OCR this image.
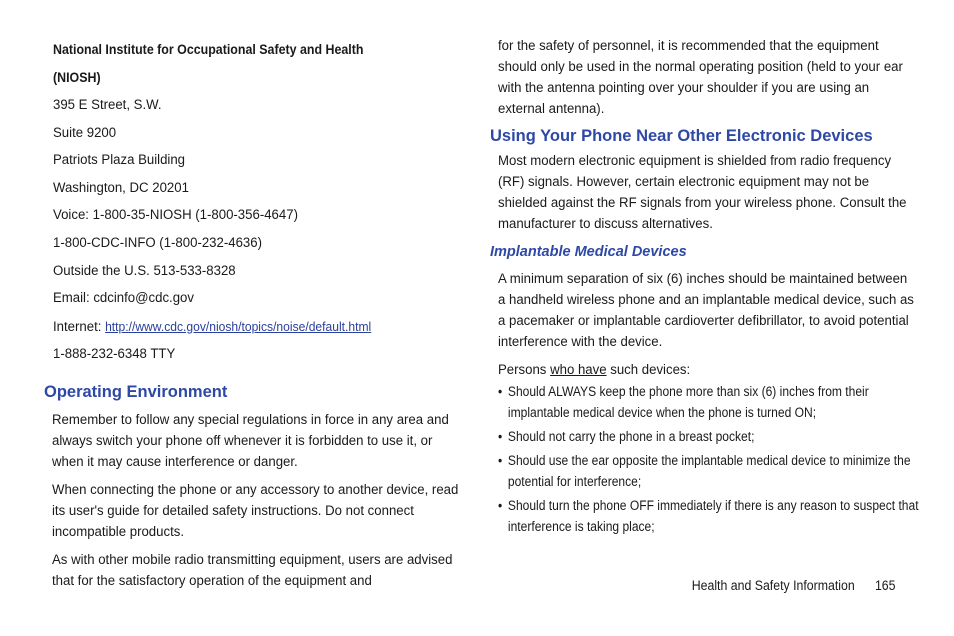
National Institute for Occupational Safety and Health (NIOSH)

395 E Street, S.W.

Suite 9200

Patriots Plaza Building

Washington, DC 20201

Voice: 1-800-35-NIOSH (1-800-356-4647)

1-800-CDC-INFO (1-800-232-4636)

Outside the U.S. 513-533-8328

Email: cdcinfo@cdc.gov

Internet: http://www.cdc.gov/niosh/topics/noise/default.html

1-888-232-6348 TTY

Operating Environment

Remember to follow any special regulations in force in any area and always switch your phone off whenever it is forbidden to use it, or when it may cause interference or danger.

When connecting the phone or any accessory to another device, read its user's guide for detailed safety instructions. Do not connect incompatible products.

As with other mobile radio transmitting equipment, users are advised that for the satisfactory operation of the equipment and

for the safety of personnel, it is recommended that the equipment should only be used in the normal operating position (held to your ear with the antenna pointing over your shoulder if you are using an external antenna).

Using Your Phone Near Other Electronic Devices

Most modern electronic equipment is shielded from radio frequency (RF) signals. However, certain electronic equipment may not be shielded against the RF signals from your wireless phone. Consult the manufacturer to discuss alternatives.

Implantable Medical Devices

A minimum separation of six (6) inches should be maintained between a handheld wireless phone and an implantable medical device, such as a pacemaker or implantable cardioverter defibrillator, to avoid potential interference with the device.

Persons who have such devices:

• Should ALWAYS keep the phone more than six (6) inches from their implantable medical device when the phone is turned ON;
• Should not carry the phone in a breast pocket;
• Should use the ear opposite the implantable medical device to minimize the potential for interference;
• Should turn the phone OFF immediately if there is any reason to suspect that interference is taking place;
Health and Safety Information 165
